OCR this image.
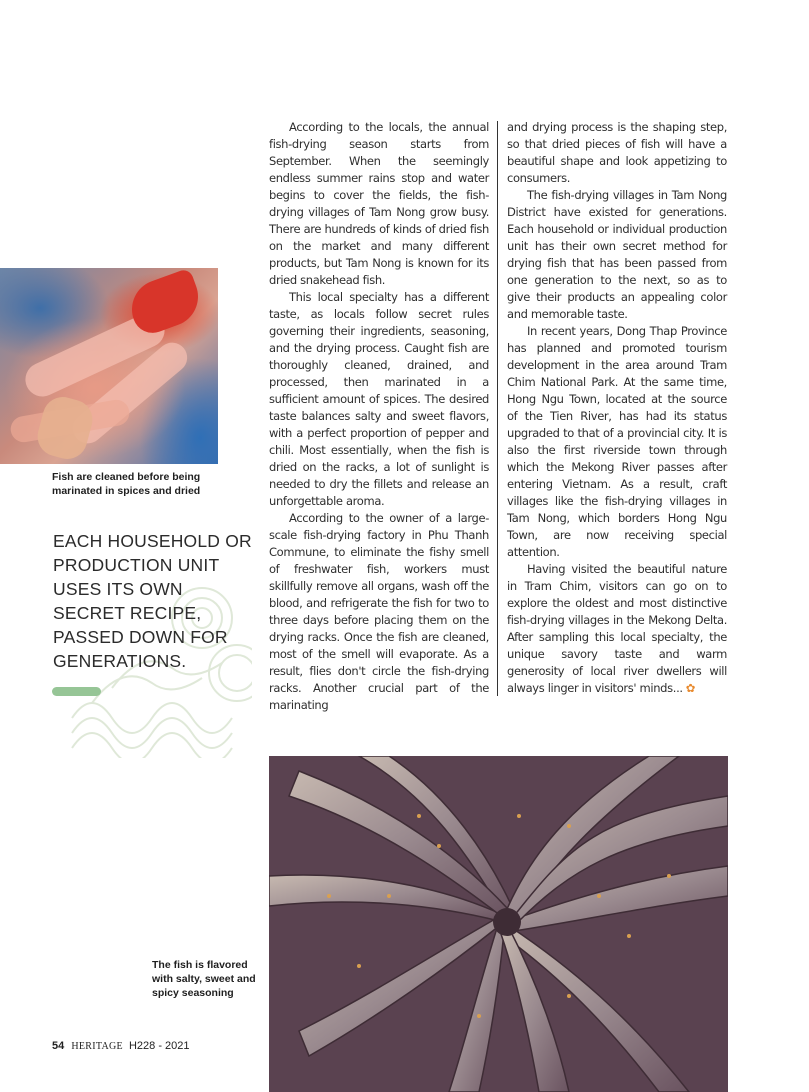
Fish are cleaned before being marinated in spices and dried
EACH HOUSEHOLD OR PRODUCTION UNIT USES ITS OWN SECRET RECIPE, PASSED DOWN FOR GENERATIONS.

According to the locals, the annual fish-drying season starts from September. When the seemingly endless summer rains stop and water begins to cover the fields, the fish-drying villages of Tam Nong grow busy. There are hundreds of kinds of dried fish on the market and many different products, but Tam Nong is known for its dried snakehead fish.

This local specialty has a different taste, as locals follow secret rules governing their ingredients, seasoning, and the drying process. Caught fish are thoroughly cleaned, drained, and processed, then marinated in a sufficient amount of spices. The desired taste balances salty and sweet flavors, with a perfect proportion of pepper and chili. Most essentially, when the fish is dried on the racks, a lot of sunlight is needed to dry the fillets and release an unforgettable aroma.

According to the owner of a large-scale fish-drying factory in Phu Thanh Commune, to eliminate the fishy smell of freshwater fish, workers must skillfully remove all organs, wash off the blood, and refrigerate the fish for two to three days before placing them on the drying racks. Once the fish are cleaned, most of the smell will evaporate. As a result, flies don't circle the fish-drying racks. Another crucial part of the marinating

and drying process is the shaping step, so that dried pieces of fish will have a beautiful shape and look appetizing to consumers.

The fish-drying villages in Tam Nong District have existed for generations. Each household or individual production unit has their own secret method for drying fish that has been passed from one generation to the next, so as to give their products an appealing color and memorable taste.

In recent years, Dong Thap Province has planned and promoted tourism development in the area around Tram Chim National Park. At the same time, Hong Ngu Town, located at the source of the Tien River, has had its status upgraded to that of a provincial city. It is also the first riverside town through which the Mekong River passes after entering Vietnam. As a result, craft villages like the fish-drying villages in Tam Nong, which borders Hong Ngu Town, are now receiving special attention.

Having visited the beautiful nature in Tram Chim, visitors can go on to explore the oldest and most distinctive fish-drying villages in the Mekong Delta. After sampling this local specialty, the unique savory taste and warm generosity of local river dwellers will always linger in visitors' minds... ✿

The fish is flavored with salty, sweet and spicy seasoning
54 HERITAGE H228 - 2021
